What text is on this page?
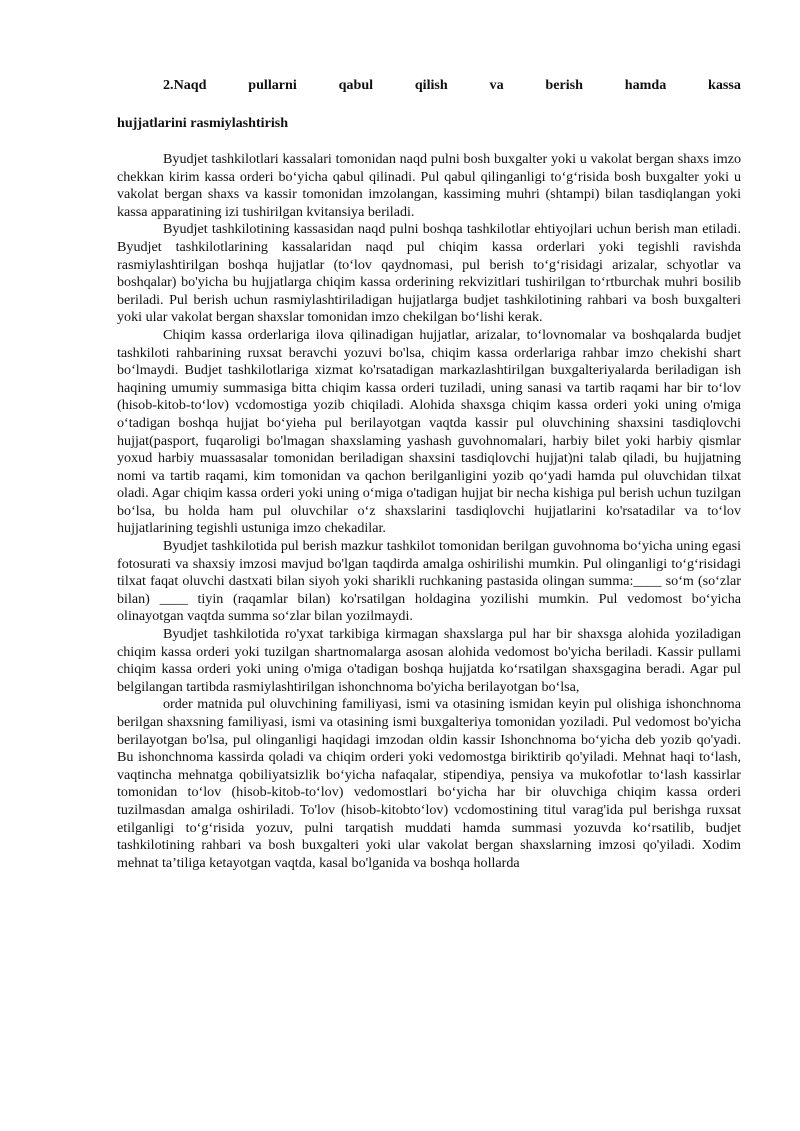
2.Naqd	pullarni	qabul	qilish	va	berish	hamda	kassa
hujjatlarini rasmiylashtirish

Byudjet tashkilotlari kassalari tomonidan naqd pulni bosh buxgalter yoki u vakolat bergan shaxs imzo chekkan kirim kassa orderi bo‘yicha qabul qilinadi. Pul qabul qilinganligi to‘g‘risida bosh buxgalter yoki u vakolat bergan shaxs va kassir tomonidan imzolangan, kassiming muhri (shtampi) bilan tasdiqlangan yoki kassa apparatining izi tushirilgan kvitansiya beriladi.

Byudjet tashkilotining kassasidan naqd pulni boshqa tashkilotlar ehtiyojlari uchun berish man etiladi. Byudjet tashkilotlarining kassalaridan naqd pul chiqim kassa orderlari yoki tegishli ravishda rasmiylashtirilgan boshqa hujjatlar (to‘lov qaydnomasi, pul berish to‘g‘risidagi arizalar, schyotlar va boshqalar) bo'yicha bu hujjatlarga chiqim kassa orderining rekvizitlari tushirilgan to‘rtburchak muhri bosilib beriladi. Pul berish uchun rasmiylashtiriladigan hujjatlarga budjet tashkilotining rahbari va bosh buxgalteri yoki ular vakolat bergan shaxslar tomonidan imzo chekilgan bo‘lishi kerak.

Chiqim kassa orderlariga ilova qilinadigan hujjatlar, arizalar, to‘lovnomalar va boshqalarda budjet tashkiloti rahbarining ruxsat beravchi yozuvi bo'lsa, chiqim kassa orderlariga rahbar imzo chekishi shart bo‘lmaydi. Budjet tashkilotlariga xizmat ko'rsatadigan markazlashtirilgan buxgalteriyalarda beriladigan ish haqining umumiy summasiga bitta chiqim kassa orderi tuziladi, uning sanasi va tartib raqami har bir to‘lov (hisob-kitob-to‘lov) vcdomostiga yozib chiqiladi. Alohida shaxsga chiqim kassa orderi yoki uning o'miga o‘tadigan boshqa hujjat bo‘yieha pul berilayotgan vaqtda kassir pul oluvchining shaxsini tasdiqlovchi hujjat(pasport, fuqaroligi bo'lmagan shaxslaming yashash guvohnomalari, harbiy bilet yoki harbiy qismlar yoxud harbiy muassasalar tomonidan beriladigan shaxsini tasdiqlovchi hujjat)ni talab qiladi, bu hujjatning nomi va tartib raqami, kim tomonidan va qachon berilganligini yozib qo‘yadi hamda pul oluvchidan tilxat oladi. Agar chiqim kassa orderi yoki uning o‘miga o'tadigan hujjat bir necha kishiga pul berish uchun tuzilgan bo‘lsa, bu holda ham pul oluvchilar o‘z shaxslarini tasdiqlovchi hujjatlarini ko'rsatadilar va to‘lov hujjatlarining tegishli ustuniga imzo chekadilar.

Byudjet tashkilotida pul berish mazkur tashkilot tomonidan berilgan guvohnoma bo‘yicha uning egasi fotosurati va shaxsiy imzosi mavjud bo'lgan taqdirda amalga oshirilishi mumkin. Pul olinganligi to‘g‘risidagi tilxat faqat oluvchi dastxati bilan siyoh yoki sharikli ruchkaning pastasida olingan summa:____ so‘m (so‘zlar bilan) ____ tiyin (raqamlar bilan) ko'rsatilgan holdagina yozilishi mumkin. Pul vedomost bo‘yicha olinayotgan vaqtda summa so‘zlar bilan yozilmaydi.

Byudjet tashkilotida ro'yxat tarkibiga kirmagan shaxslarga pul har bir shaxsga alohida yoziladigan chiqim kassa orderi yoki tuzilgan shartnomalarga asosan alohida vedomost bo'yicha beriladi. Kassir pullami chiqim kassa orderi yoki uning o'miga o'tadigan boshqa hujjatda ko‘rsatilgan shaxsgagina beradi. Agar pul belgilangan tartibda rasmiylashtirilgan ishonchnoma bo'yicha berilayotgan bo‘lsa,

order matnida pul oluvchining familiyasi, ismi va otasining ismidan keyin pul olishiga ishonchnoma berilgan shaxsning familiyasi, ismi va otasining ismi buxgalteriya tomonidan yoziladi. Pul vedomost bo'yicha berilayotgan bo'lsa, pul olinganligi haqidagi imzodan oldin kassir Ishonchnoma bo‘yicha deb yozib qo'yadi. Bu ishonchnoma kassirda qoladi va chiqim orderi yoki vedomostga biriktirib qo'yiladi. Mehnat haqi to‘lash, vaqtincha mehnatga qobiliyatsizlik bo‘yicha nafaqalar, stipendiya, pensiya va mukofotlar to‘lash kassirlar tomonidan to‘lov (hisob-kitob-to‘lov) vedomostlari bo‘yicha har bir oluvchiga chiqim kassa orderi tuzilmasdan amalga oshiriladi. To'lov (hisob-kitobto‘lov) vcdomostining titul varag'ida pul berishga ruxsat etilganligi to‘g‘risida yozuv, pulni tarqatish muddati hamda summasi yozuvda ko‘rsatilib, budjet tashkilotining rahbari va bosh buxgalteri yoki ular vakolat bergan shaxslarning imzosi qo'yiladi. Xodim mehnat ta’tiliga ketayotgan vaqtda, kasal bo'lganida va boshqa hollarda
